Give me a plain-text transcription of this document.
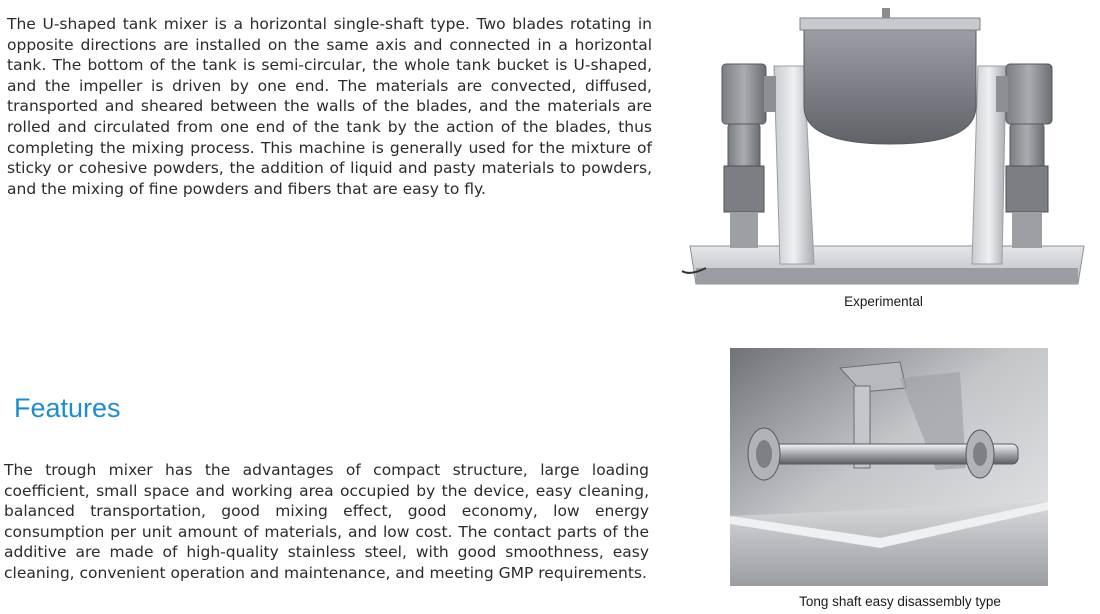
The U-shaped tank mixer is a horizontal single-shaft type. Two blades rotating in opposite directions are installed on the same axis and connected in a horizontal tank. The bottom of the tank is semi-circular, the whole tank bucket is U-shaped, and the impeller is driven by one end. The materials are convected, diffused, transported and sheared between the walls of the blades, and the materials are rolled and circulated from one end of the tank by the action of the blades, thus completing the mixing process. This machine is generally used for the mixture of sticky or cohesive powders, the addition of liquid and pasty materials to powders, and the mixing of fine powders and fibers that are easy to fly.

Experimental
Features

The trough mixer has the advantages of compact structure, large loading coefficient, small space and working area occupied by the device, easy cleaning, balanced transportation, good mixing effect, good economy, low energy consumption per unit amount of materials, and low cost. The contact parts of the additive are made of high-quality stainless steel, with good smoothness, easy cleaning, convenient operation and maintenance, and meeting GMP requirements.

Tong shaft easy disassembly type
